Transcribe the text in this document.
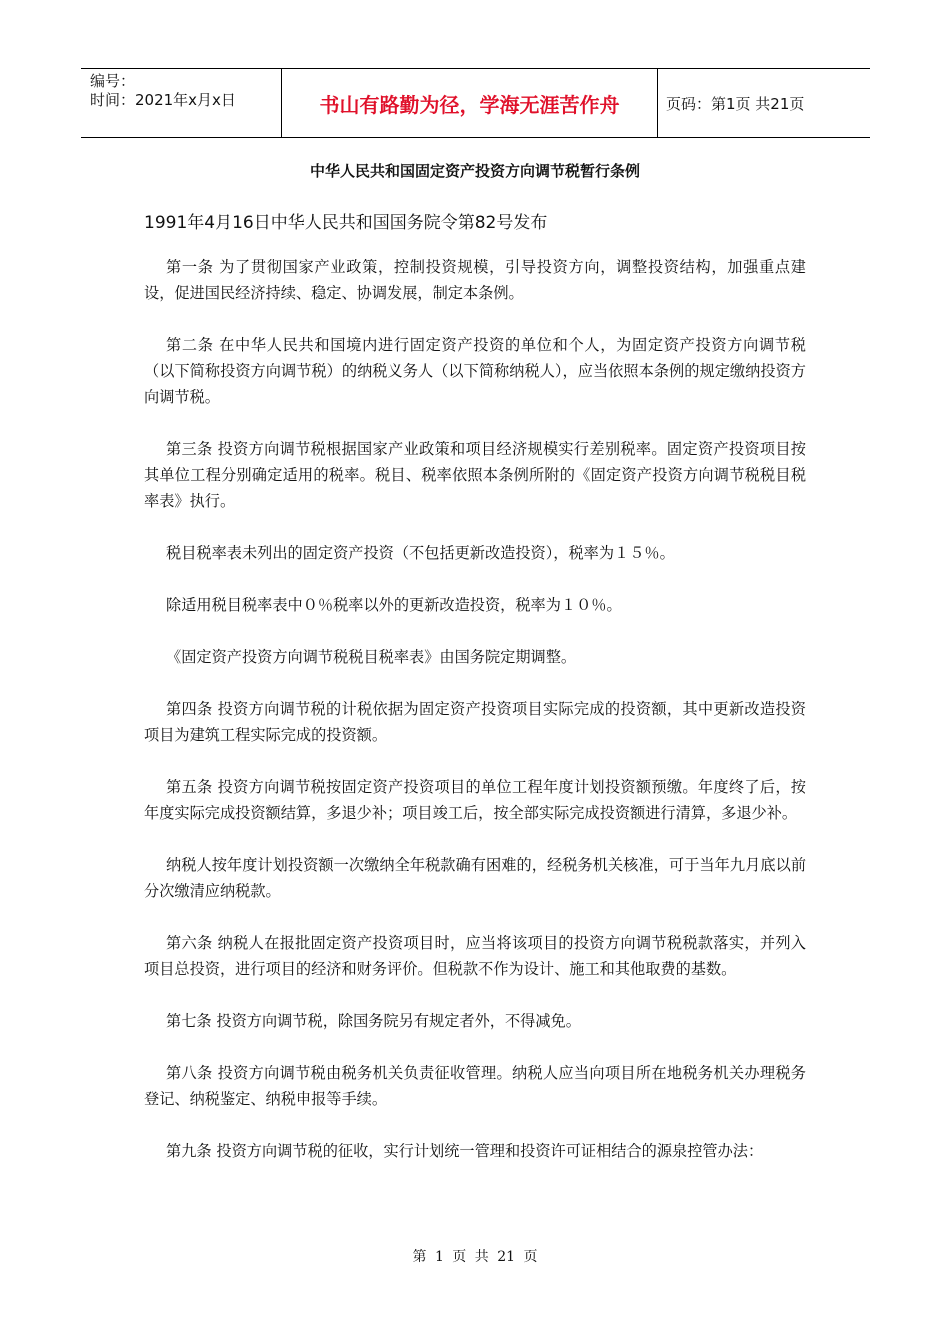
编号：
时间：2021年x月x日	书山有路勤为径，学海无涯苦作舟	页码：第1页 共21页
中华人民共和国固定资产投资方向调节税暂行条例
1991年4月16日中华人民共和国国务院令第82号发布

第一条 为了贯彻国家产业政策，控制投资规模，引导投资方向，调整投资结构，加强重点建设，促进国民经济持续、稳定、协调发展，制定本条例。

第二条 在中华人民共和国境内进行固定资产投资的单位和个人，为固定资产投资方向调节税（以下简称投资方向调节税）的纳税义务人（以下简称纳税人），应当依照本条例的规定缴纳投资方向调节税。

第三条 投资方向调节税根据国家产业政策和项目经济规模实行差别税率。固定资产投资项目按其单位工程分别确定适用的税率。税目、税率依照本条例所附的《固定资产投资方向调节税税目税率表》执行。

税目税率表未列出的固定资产投资（不包括更新改造投资），税率为１５％。

除适用税目税率表中０％税率以外的更新改造投资，税率为１０％。

《固定资产投资方向调节税税目税率表》由国务院定期调整。

第四条 投资方向调节税的计税依据为固定资产投资项目实际完成的投资额，其中更新改造投资项目为建筑工程实际完成的投资额。

第五条 投资方向调节税按固定资产投资项目的单位工程年度计划投资额预缴。年度终了后，按年度实际完成投资额结算，多退少补；项目竣工后，按全部实际完成投资额进行清算，多退少补。

纳税人按年度计划投资额一次缴纳全年税款确有困难的，经税务机关核准，可于当年九月底以前分次缴清应纳税款。

第六条 纳税人在报批固定资产投资项目时，应当将该项目的投资方向调节税税款落实，并列入项目总投资，进行项目的经济和财务评价。但税款不作为设计、施工和其他取费的基数。

第七条 投资方向调节税，除国务院另有规定者外，不得减免。

第八条 投资方向调节税由税务机关负责征收管理。纳税人应当向项目所在地税务机关办理税务登记、纳税鉴定、纳税申报等手续。

第九条 投资方向调节税的征收，实行计划统一管理和投资许可证相结合的源泉控管办法：

第 1 页 共 21 页
